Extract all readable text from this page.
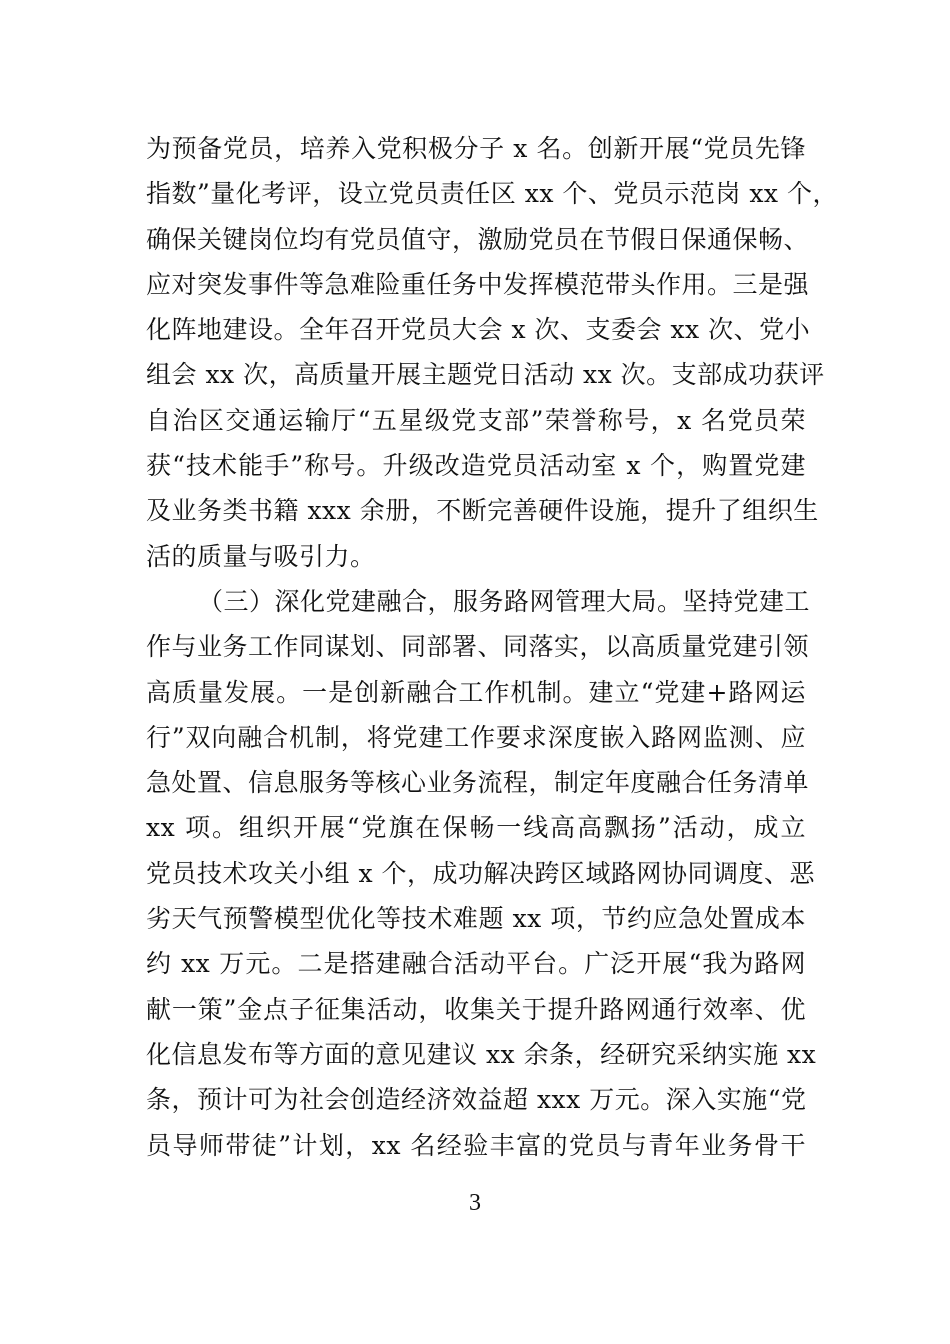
为预备党员，培养入党积极分子 x 名。创新开展“党员先锋
指数”量化考评，设立党员责任区 xx 个、党员示范岗 xx 个，
确保关键岗位均有党员值守，激励党员在节假日保通保畅、
应对突发事件等急难险重任务中发挥模范带头作用。三是强
化阵地建设。全年召开党员大会 x 次、支委会 xx 次、党小
组会 xx 次，高质量开展主题党日活动 xx 次。支部成功获评
自治区交通运输厅“五星级党支部”荣誉称号，x 名党员荣
获“技术能手”称号。升级改造党员活动室 x 个，购置党建
及业务类书籍 xxx 余册，不断完善硬件设施，提升了组织生
活的质量与吸引力。
（三）深化党建融合，服务路网管理大局。坚持党建工
作与业务工作同谋划、同部署、同落实，以高质量党建引领
高质量发展。一是创新融合工作机制。建立“党建+路网运
行”双向融合机制，将党建工作要求深度嵌入路网监测、应
急处置、信息服务等核心业务流程，制定年度融合任务清单
xx 项。组织开展“党旗在保畅一线高高飘扬”活动，成立
党员技术攻关小组 x 个，成功解决跨区域路网协同调度、恶
劣天气预警模型优化等技术难题 xx 项，节约应急处置成本
约 xx 万元。二是搭建融合活动平台。广泛开展“我为路网
献一策”金点子征集活动，收集关于提升路网通行效率、优
化信息发布等方面的意见建议 xx 余条，经研究采纳实施 xx
条，预计可为社会创造经济效益超 xxx 万元。深入实施“党
员导师带徒”计划，xx 名经验丰富的党员与青年业务骨干
3
